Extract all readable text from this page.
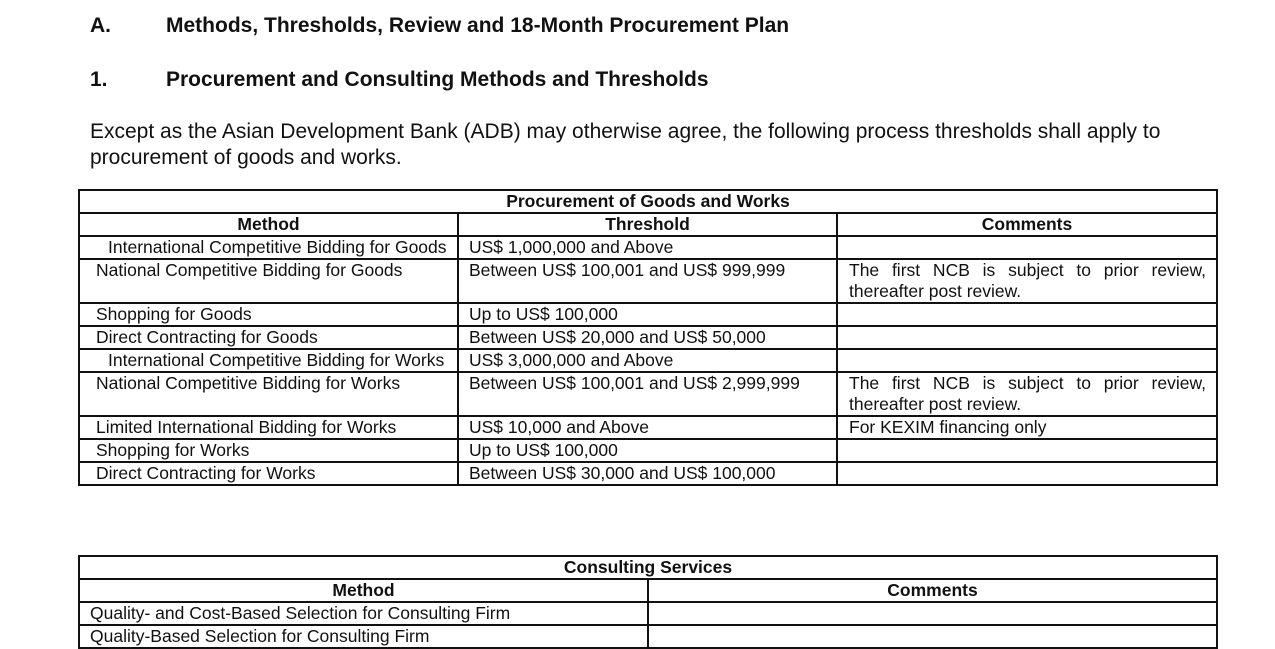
A.	Methods, Thresholds, Review and 18-Month Procurement Plan
1.	Procurement and Consulting Methods and Thresholds
Except as the Asian Development Bank (ADB) may otherwise agree, the following process thresholds shall apply to procurement of goods and works.
Procurement of Goods and Works		
Method	Threshold	Comments
International Competitive Bidding for Goods	US$ 1,000,000 and Above	
National Competitive Bidding for Goods	Between US$ 100,001 and US$ 999,999	The first NCB is subject to prior review, thereafter post review.
Shopping for Goods	Up to US$ 100,000	
Direct Contracting for Goods	Between US$ 20,000 and US$ 50,000	
International Competitive Bidding for Works	US$ 3,000,000 and Above	
National Competitive Bidding for Works	Between US$ 100,001 and US$ 2,999,999	The first NCB is subject to prior review, thereafter post review.
Limited International Bidding for Works	US$ 10,000 and Above	For KEXIM financing only
Shopping for Works	Up to US$ 100,000	
Direct Contracting for Works	Between US$ 30,000 and US$ 100,000	
Consulting Services	
Method	Comments
Quality- and Cost-Based Selection for Consulting Firm	
Quality-Based Selection for Consulting Firm	
